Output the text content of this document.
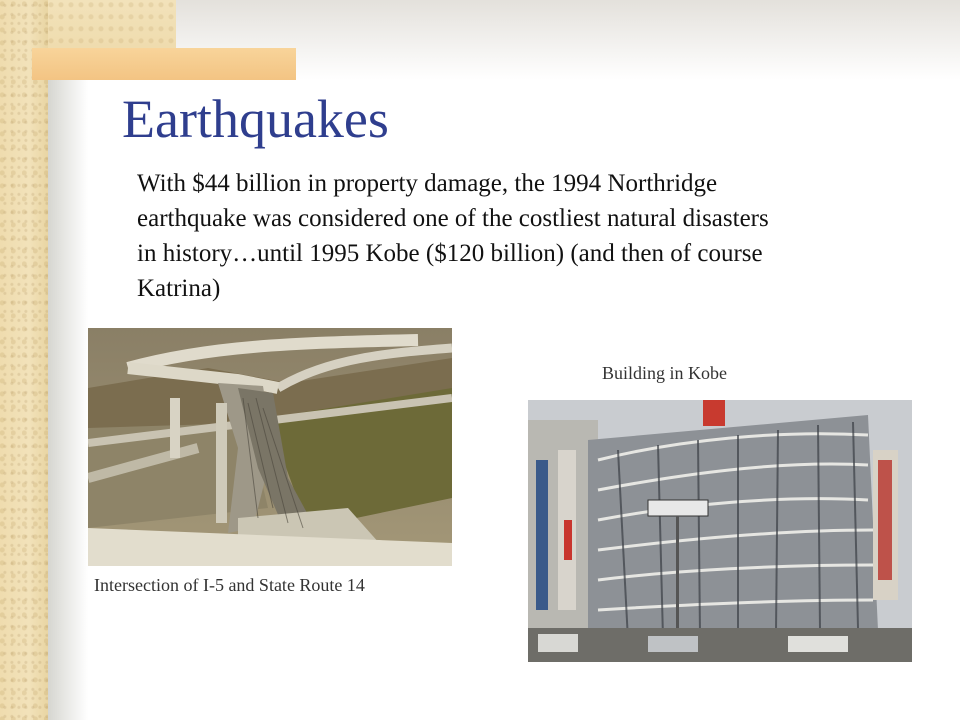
Earthquakes
With $44 billion in property damage, the 1994 Northridge earthquake was considered one of the costliest natural disasters in history…until 1995 Kobe ($120 billion) (and then of course Katrina)
Intersection of I-5 and State Route 14
Building in Kobe
